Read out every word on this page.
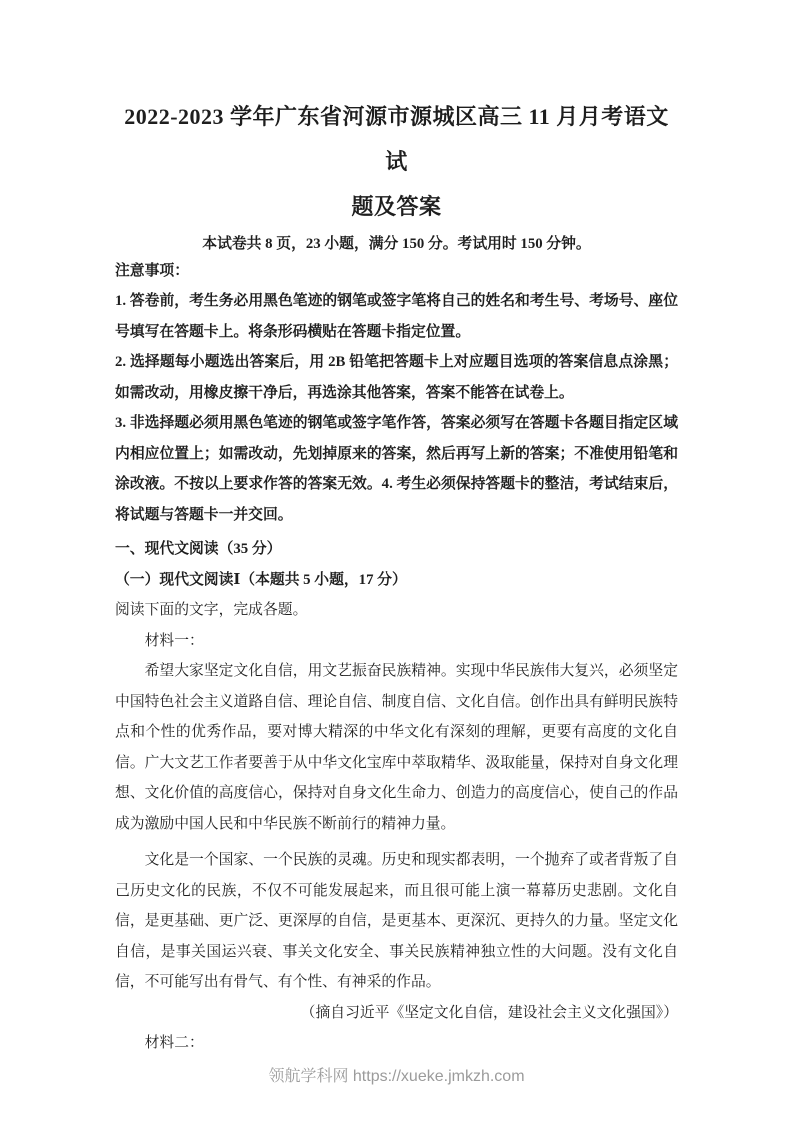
2022-2023 学年广东省河源市源城区高三 11 月月考语文试
题及答案

本试卷共 8 页，23 小题，满分 150 分。考试用时 150 分钟。

注意事项：

1. 答卷前，考生务必用黑色笔迹的钢笔或签字笔将自己的姓名和考生号、考场号、座位号填写在答题卡上。将条形码横贴在答题卡指定位置。

2. 选择题每小题选出答案后，用 2B 铅笔把答题卡上对应题目选项的答案信息点涂黑；如需改动，用橡皮擦干净后，再选涂其他答案，答案不能答在试卷上。

3. 非选择题必须用黑色笔迹的钢笔或签字笔作答，答案必须写在答题卡各题目指定区域内相应位置上；如需改动，先划掉原来的答案，然后再写上新的答案；不准使用铅笔和涂改液。不按以上要求作答的答案无效。4. 考生必须保持答题卡的整洁，考试结束后，将试题与答题卡一并交回。

一、现代文阅读（35 分）

（一）现代文阅读Ⅰ（本题共 5 小题，17 分）

阅读下面的文字，完成各题。

材料一：

希望大家坚定文化自信，用文艺振奋民族精神。实现中华民族伟大复兴，必须坚定中国特色社会主义道路自信、理论自信、制度自信、文化自信。创作出具有鲜明民族特点和个性的优秀作品，要对博大精深的中华文化有深刻的理解，更要有高度的文化自信。广大文艺工作者要善于从中华文化宝库中萃取精华、汲取能量，保持对自身文化理想、文化价值的高度信心，保持对自身文化生命力、创造力的高度信心，使自己的作品成为激励中国人民和中华民族不断前行的精神力量。

文化是一个国家、一个民族的灵魂。历史和现实都表明，一个抛弃了或者背叛了自己历史文化的民族，不仅不可能发展起来，而且很可能上演一幕幕历史悲剧。文化自信，是更基础、更广泛、更深厚的自信，是更基本、更深沉、更持久的力量。坚定文化自信，是事关国运兴衰、事关文化安全、事关民族精神独立性的大问题。没有文化自信，不可能写出有骨气、有个性、有神采的作品。

（摘自习近平《坚定文化自信，建设社会主义文化强国》）

材料二：

领航学科网 https://xueke.jmkzh.com
